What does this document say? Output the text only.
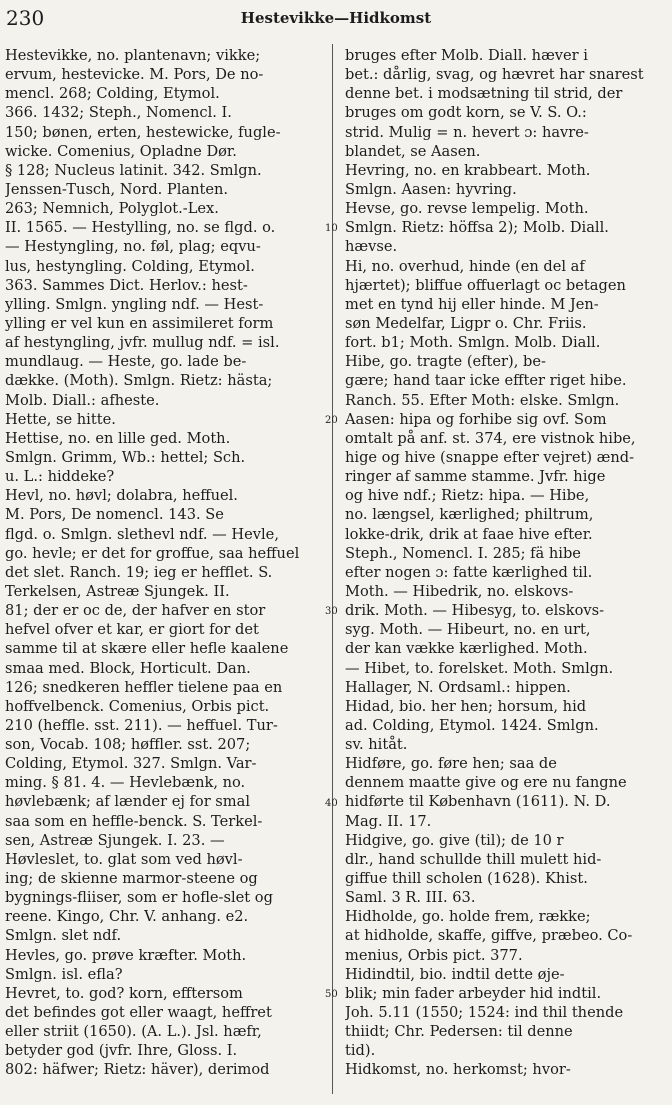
230	Hestevikke—Hidkomst
Hestevikke, no. plantenavn; vikke;
ervum, hestevicke. M. Pors, De no-
mencl. 268; Colding, Etymol.
366. 1432; Steph., Nomencl. I.
150; bønen, erten, hestewicke, fugle-
wicke. Comenius, Opladne Dør.
§ 128; Nucleus latinit. 342. Smlgn.
Jenssen-Tusch, Nord. Planten.
263; Nemnich, Polyglot.-Lex.
II. 1565. — Hestylling, no. se flgd. o.
— Hestyngling, no. føl, plag; eqvu-
lus, hestyngling. Colding, Etymol.
363. Sammes Dict. Herlov.: hest-
ylling. Smlgn. yngling ndf. — Hest-
ylling er vel kun en assimileret form
af hestyngling, jvfr. mullug ndf. = isl.
mundlaug. — Heste, go. lade be-
dække. (Moth). Smlgn. Rietz: hästa;
Molb. Diall.: afheste.
Hette, se hitte.
Hettise, no. en lille ged. Moth.
Smlgn. Grimm, Wb.: hettel; Sch.
u. L.: hiddeke?
Hevl, no. høvl; dolabra, heffuel.
M. Pors, De nomencl. 143. Se
flgd. o. Smlgn. slethevl ndf. — Hevle,
go. hevle; er det for groffue, saa heffuel
det slet. Ranch. 19; ieg er hefflet. S.
Terkelsen, Astreæ Sjungek. II.
81; der er oc de, der hafver en stor
hefvel ofver et kar, er giort for det
samme til at skære eller hefle kaalene
smaa med. Block, Horticult. Dan.
126; snedkeren heffler tielene paa en
hoffvelbenck. Comenius, Orbis pict.
210 (heffle. sst. 211). — heffuel. Tur-
son, Vocab. 108; høffler. sst. 207;
Colding, Etymol. 327. Smlgn. Var-
ming. § 81. 4. — Hevlebænk, no.
høvlebænk; af lænder ej for smal
saa som en heffle-benck. S. Terkel-
sen, Astreæ Sjungek. I. 23. —
Høvleslet, to. glat som ved høvl-
ing; de skienne marmor-steene og
bygnings-fliiser, som er hofle-slet og
reene. Kingo, Chr. V. anhang. e2.
Smlgn. slet ndf.
Hevles, go. prøve kræfter. Moth.
Smlgn. isl. efla?
Hevret, to. god? korn, efftersom
det befindes got eller waagt, heffret
eller striit (1650). (A. L.). Jsl. hæfr,
betyder god (jvfr. Ihre, Gloss. I.
802: häfwer; Rietz: häver), derimod
bruges efter Molb. Diall. hæver i
bet.: dårlig, svag, og hævret har snarest
denne bet. i modsætning til strid, der
bruges om godt korn, se V. S. O.:
strid. Mulig = n. hevert ɔ: havre-
blandet, se Aasen.
Hevring, no. en krabbeart. Moth.
Smlgn. Aasen: hyvring.
Hevse, go. revse lempelig. Moth.
Smlgn. Rietz: höffsa 2); Molb. Diall.
hævse.
Hi, no. overhud, hinde (en del af
hjærtet); bliffue offuerlagt oc betagen
met en tynd hij eller hinde. M Jen-
søn Medelfar, Ligpr o. Chr. Friis.
fort. b1; Moth. Smlgn. Molb. Diall.
Hibe, go. tragte (efter), be-
gære; hand taar icke effter riget hibe.
Ranch. 55. Efter Moth: elske. Smlgn.
Aasen: hipa og forhibe sig ovf. Som
omtalt på anf. st. 374, ere vistnok hibe,
hige og hive (snappe efter vejret) ænd-
ringer af samme stamme. Jvfr. hige
og hive ndf.; Rietz: hipa. — Hibe,
no. længsel, kærlighed; philtrum,
lokke-drik, drik at faae hive efter.
Steph., Nomencl. I. 285; fä hibe
efter nogen ɔ: fatte kærlighed til.
Moth. — Hibedrik, no. elskovs-
drik. Moth. — Hibesyg, to. elskovs-
syg. Moth. — Hibeurt, no. en urt,
der kan vække kærlighed. Moth.
— Hibet, to. forelsket. Moth. Smlgn.
Hallager, N. Ordsaml.: hippen.
Hidad, bio. her hen; horsum, hid
ad. Colding, Etymol. 1424. Smlgn.
sv. hitåt.
Hidføre, go. føre hen; saa de
dennem maatte give og ere nu fangne
hidførte til København (1611). N. D.
Mag. II. 17.
Hidgive, go. give (til); de 10 r
dlr., hand schullde thill mulett hid-
giffue thill scholen (1628). Khist.
Saml. 3 R. III. 63.
Hidholde, go. holde frem, række;
at hidholde, skaffe, giffve, præbeo. Co-
menius, Orbis pict. 377.
Hidindtil, bio. indtil dette øje-
blik; min fader arbeyder hid indtil.
Joh. 5.11 (1550; 1524: ind thil thende
thiidt; Chr. Pedersen: til denne
tid).
Hidkomst, no. herkomst; hvor-
10
20
30
40
50
